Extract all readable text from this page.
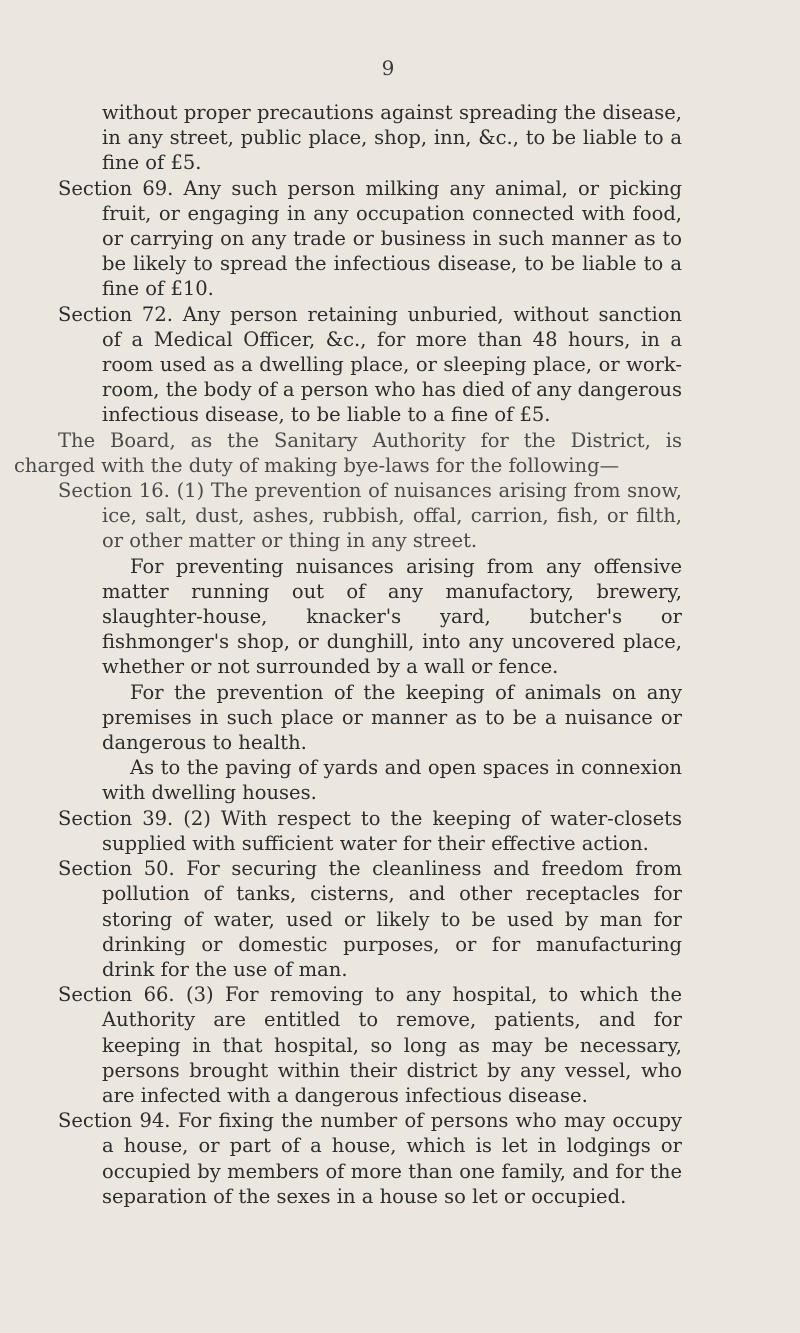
9

without proper precautions against spreading the disease, in any street, public place, shop, inn, &c., to be liable to a fine of £5.

Section 69. Any such person milking any animal, or picking fruit, or engaging in any occupation connected with food, or carrying on any trade or business in such manner as to be likely to spread the infectious disease, to be liable to a fine of £10.

Section 72. Any person retaining unburied, without sanction of a Medical Officer, &c., for more than 48 hours, in a room used as a dwelling place, or sleeping place, or work-room, the body of a person who has died of any dangerous infectious disease, to be liable to a fine of £5.

The Board, as the Sanitary Authority for the District, is charged with the duty of making bye-laws for the following—

Section 16. (1) The prevention of nuisances arising from snow, ice, salt, dust, ashes, rubbish, offal, carrion, fish, or filth, or other matter or thing in any street.

For preventing nuisances arising from any offensive matter running out of any manufactory, brewery, slaughter-house, knacker's yard, butcher's or fishmonger's shop, or dunghill, into any uncovered place, whether or not surrounded by a wall or fence.

For the prevention of the keeping of animals on any premises in such place or manner as to be a nuisance or dangerous to health.

As to the paving of yards and open spaces in connexion with dwelling houses.

Section 39. (2) With respect to the keeping of water-closets supplied with sufficient water for their effective action.

Section 50. For securing the cleanliness and freedom from pollution of tanks, cisterns, and other receptacles for storing of water, used or likely to be used by man for drinking or domestic purposes, or for manufacturing drink for the use of man.

Section 66. (3) For removing to any hospital, to which the Authority are entitled to remove, patients, and for keeping in that hospital, so long as may be necessary, persons brought within their district by any vessel, who are infected with a dangerous infectious disease.

Section 94. For fixing the number of persons who may occupy a house, or part of a house, which is let in lodgings or occupied by members of more than one family, and for the separation of the sexes in a house so let or occupied.
